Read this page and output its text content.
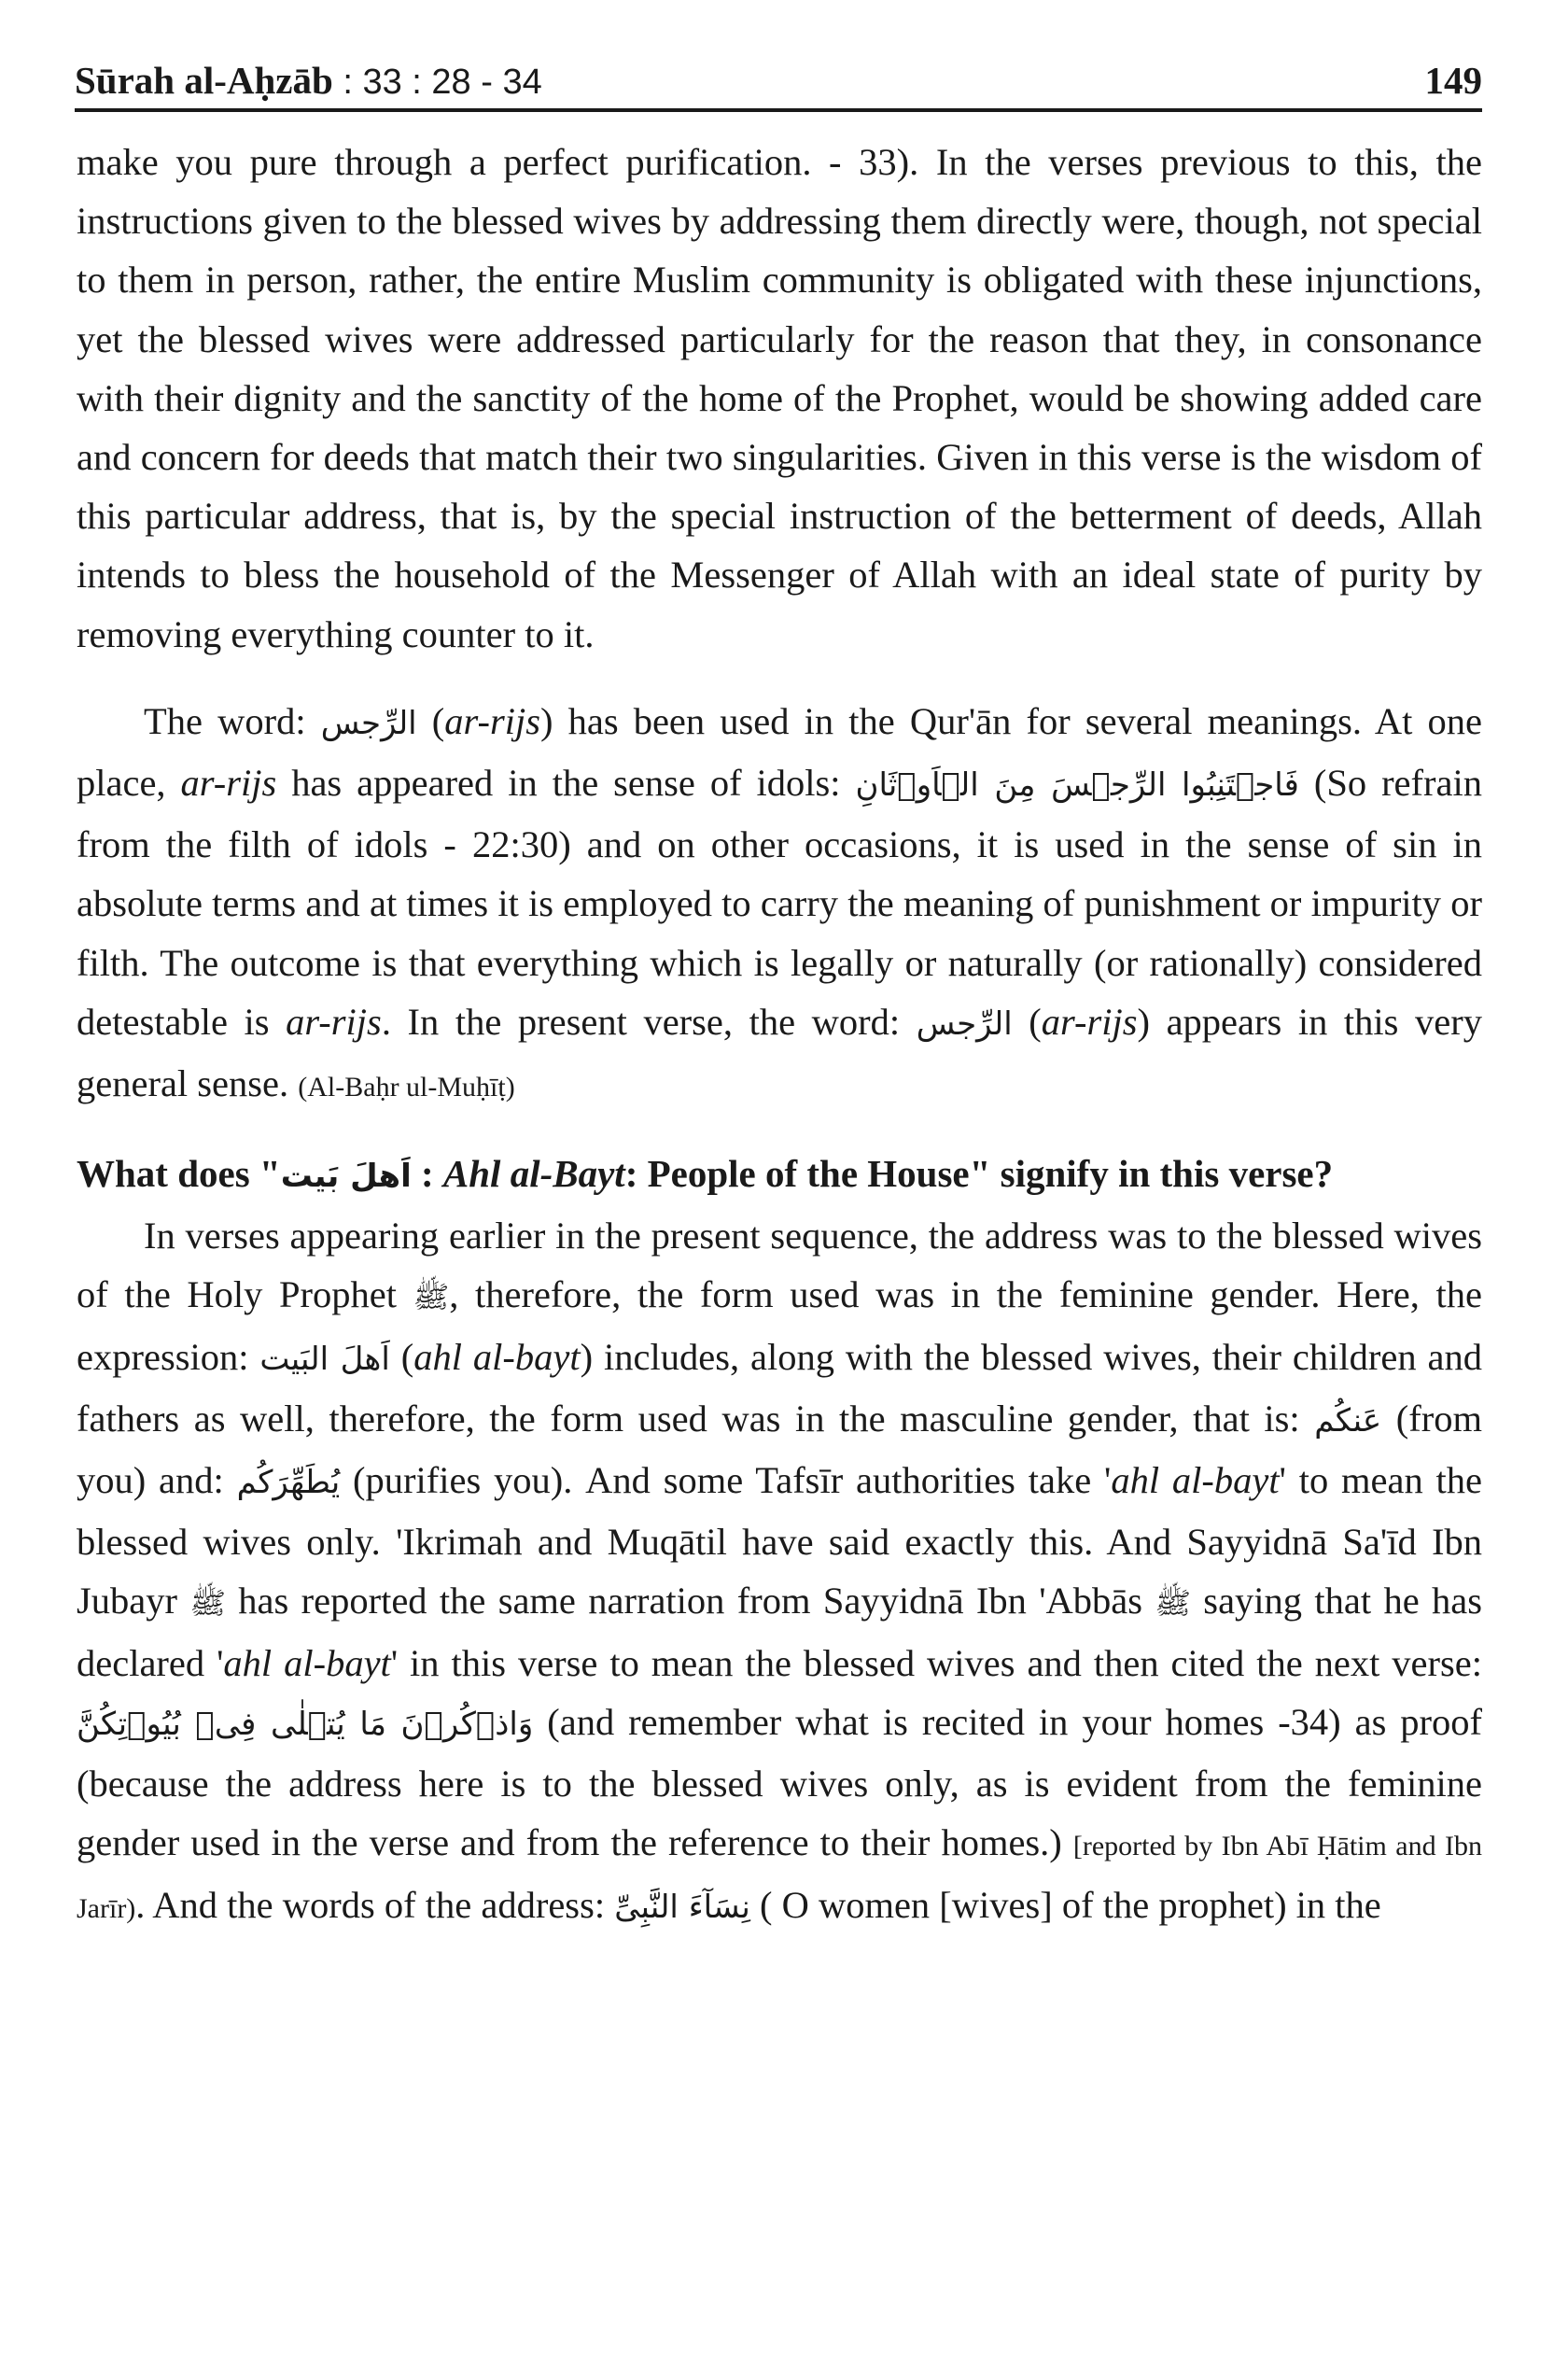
Sūrah al-Aḥzāb : 33 : 28 - 34	149

make you pure through a perfect purification. - 33). In the verses previous to this, the instructions given to the blessed wives by addressing them directly were, though, not special to them in person, rather, the entire Muslim community is obligated with these injunctions, yet the blessed wives were addressed particularly for the reason that they, in consonance with their dignity and the sanctity of the home of the Prophet, would be showing added care and concern for deeds that match their two singularities. Given in this verse is the wisdom of this particular address, that is, by the special instruction of the betterment of deeds, Allah intends to bless the household of the Messenger of Allah with an ideal state of purity by removing everything counter to it.

The word: الرِّجس (ar-rijs) has been used in the Qur'ān for several meanings. At one place, ar-rijs has appeared in the sense of idols: فَاجۡتَنِبُوا الرِّجۡسَ مِنَ الۡاَوۡثَانِ (So refrain from the filth of idols - 22:30) and on other occasions, it is used in the sense of sin in absolute terms and at times it is employed to carry the meaning of punishment or impurity or filth. The outcome is that everything which is legally or naturally (or rationally) considered detestable is ar-rijs. In the present verse, the word: الرِّجس (ar-rijs) appears in this very general sense. (Al-Baḥr ul-Muḥīṭ)

What does "اَهلَ بَيت : Ahl al-Bayt: People of the House" signify in this verse?

In verses appearing earlier in the present sequence, the address was to the blessed wives of the Holy Prophet ﷺ, therefore, the form used was in the feminine gender. Here, the expression: اَهلَ البَيت (ahl al-bayt) includes, along with the blessed wives, their children and fathers as well, therefore, the form used was in the masculine gender, that is: عَنكُم (from you) and: يُطَهِّرَكُم (purifies you). And some Tafsīr authorities take 'ahl al-bayt' to mean the blessed wives only. 'Ikrimah and Muqātil have said exactly this. And Sayyidnā Sa'īd Ibn Jubayr ﷺ has reported the same narration from Sayyidnā Ibn 'Abbās ﷺ saying that he has declared 'ahl al-bayt' in this verse to mean the blessed wives and then cited the next verse: وَاذۡكُرۡنَ مَا يُتۡلٰى فِىۡ بُيُوۡتِكُنَّ (and remember what is recited in your homes -34) as proof (because the address here is to the blessed wives only, as is evident from the feminine gender used in the verse and from the reference to their homes.) [reported by Ibn Abī Ḥātim and Ibn Jarīr). And the words of the address: نِسَآءَ النَّبِىِّ ( O women [wives] of the prophet) in the
